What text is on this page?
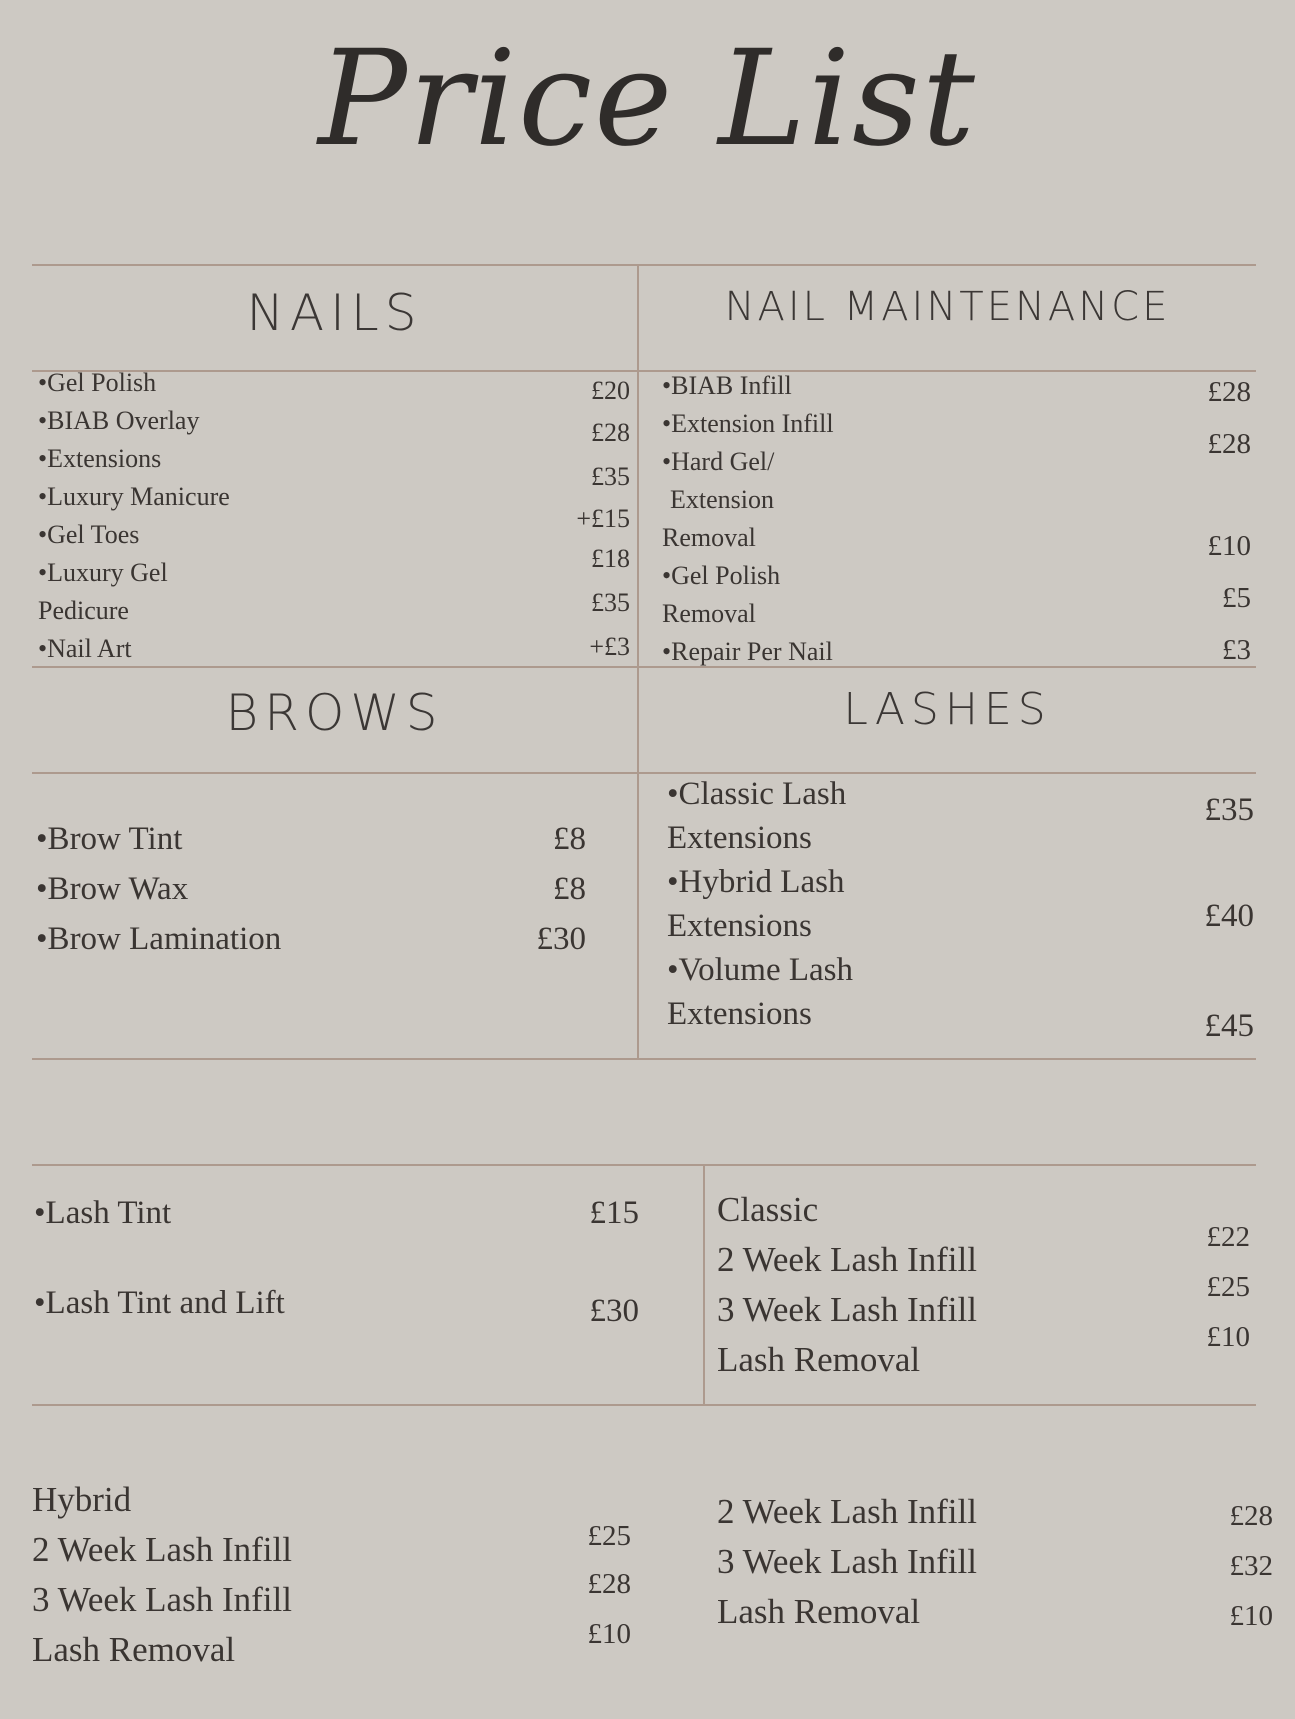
Price List
NAILS	NAIL MAINTENANCE
BROWS	LASHES
•Gel Polish
•BIAB Overlay
•Extensions
•Luxury Manicure
•Gel Toes
•Luxury Gel
Pedicure
•Nail Art
£20
£28
£35
+£15
£18
£35
+£3
•BIAB Infill
•Extension Infill
•Hard Gel/
Extension
Removal
•Gel Polish
Removal
•Repair Per Nail
£28
£28
£10
£5
£3
•Brow Tint
•Brow Wax
•Brow Lamination
£8
£8
£30
•Classic Lash
Extensions
•Hybrid Lash
Extensions
•Volume Lash
Extensions
£35
£40
£45
•Lash Tint
•Lash Tint and Lift
£15
£30
Classic
2 Week Lash Infill
3 Week Lash Infill
Lash Removal
£22
£25
£10
Hybrid
2 Week Lash Infill
3 Week Lash Infill
Lash Removal
£25
£28
£10
2 Week Lash Infill
3 Week Lash Infill
Lash Removal
£28
£32
£10
